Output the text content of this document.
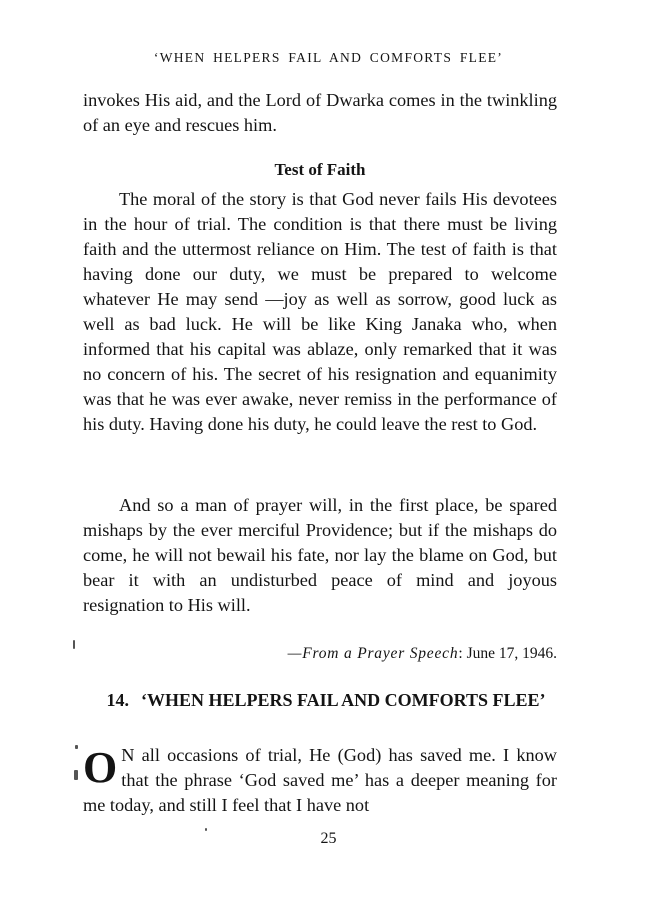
‘WHEN HELPERS FAIL AND COMFORTS FLEE’

invokes His aid, and the Lord of Dwarka comes in the twinkling of an eye and rescues him.

Test of Faith

The moral of the story is that God never fails His devotees in the hour of trial. The condition is that there must be living faith and the uttermost reliance on Him. The test of faith is that having done our duty, we must be prepared to welcome whatever He may send —joy as well as sorrow, good luck as well as bad luck. He will be like King Janaka who, when informed that his capital was ablaze, only remarked that it was no concern of his. The secret of his resignation and equanimity was that he was ever awake, never remiss in the performance of his duty. Having done his duty, he could leave the rest to God.

And so a man of prayer will, in the first place, be spared mishaps by the ever merciful Providence; but if the mishaps do come, he will not bewail his fate, nor lay the blame on God, but bear it with an undisturbed peace of mind and joyous resignation to His will.

—From a Prayer Speech: June 17, 1946.

14. ‘WHEN HELPERS FAIL AND COMFORTS FLEE’

O N all occasions of trial, He (God) has saved me. I know that the phrase ‘God saved me’ has a deeper meaning for me today, and still I feel that I have not

25
